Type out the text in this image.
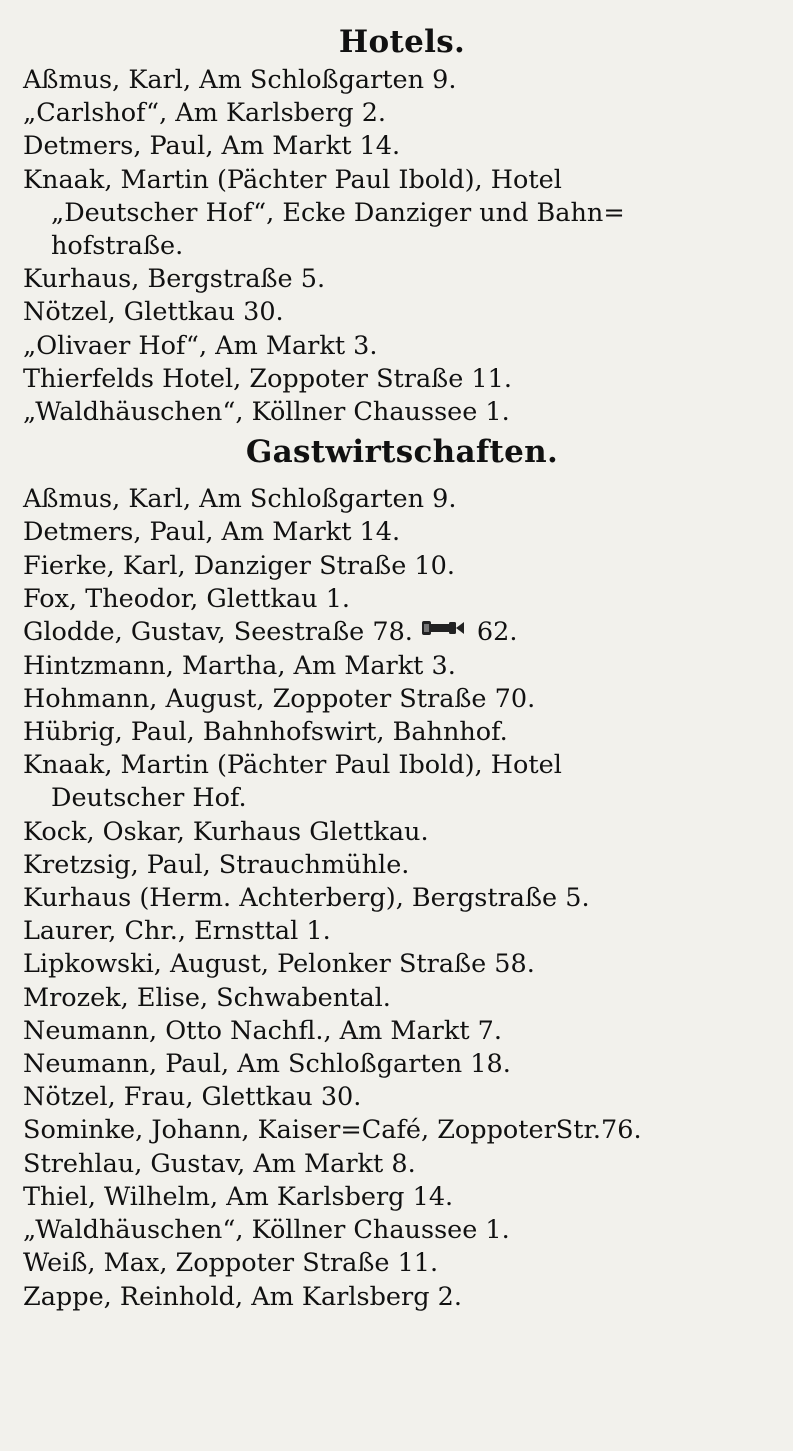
Hotels.
Aßmus, Karl, Am Schloßgarten 9.
„Carlshof“, Am Karlsberg 2.
Detmers, Paul, Am Markt 14.
Knaak, Martin (Pächter Paul Ibold), Hotel
„Deutscher Hof“, Ecke Danziger und Bahn=
hofstraße.
Kurhaus, Bergstraße 5.
Nötzel, Glettkau 30.
„Olivaer Hof“, Am Markt 3.
Thierfelds Hotel, Zoppoter Straße 11.
„Waldhäuschen“, Köllner Chaussee 1.
Gastwirtschaften.
Aßmus, Karl, Am Schloßgarten 9.
Detmers, Paul, Am Markt 14.
Fierke, Karl, Danziger Straße 10.
Fox, Theodor, Glettkau 1.
Glodde, Gustav, Seestraße 78.	62.
Hintzmann, Martha, Am Markt 3.
Hohmann, August, Zoppoter Straße 70.
Hübrig, Paul, Bahnhofswirt, Bahnhof.
Knaak, Martin (Pächter Paul Ibold), Hotel
Deutscher Hof.
Kock, Oskar, Kurhaus Glettkau.
Kretzsig, Paul, Strauchmühle.
Kurhaus (Herm. Achterberg), Bergstraße 5.
Laurer, Chr., Ernsttal 1.
Lipkowski, August, Pelonker Straße 58.
Mrozek, Elise, Schwabental.
Neumann, Otto Nachfl., Am Markt 7.
Neumann, Paul, Am Schloßgarten 18.
Nötzel, Frau, Glettkau 30.
Sominke, Johann, Kaiser=Café, ZoppoterStr.76.
Strehlau, Gustav, Am Markt 8.
Thiel, Wilhelm, Am Karlsberg 14.
„Waldhäuschen“, Köllner Chaussee 1.
Weiß, Max, Zoppoter Straße 11.
Zappe, Reinhold, Am Karlsberg 2.
